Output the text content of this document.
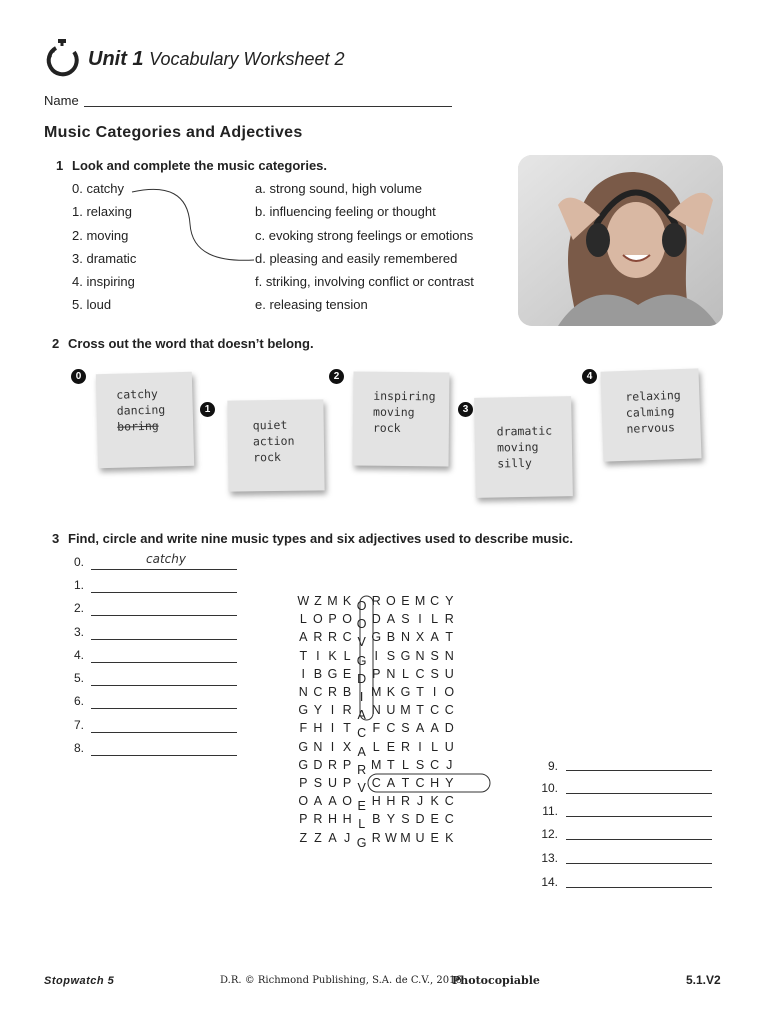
Unit 1 Vocabulary Worksheet 2
Name
Music Categories and Adjectives
1 Look and complete the music categories.
0. catchy
1. relaxing
2. moving
3. dramatic
4. inspiring
5. loud
a. strong sound, high volume
b. influencing feeling or thought
c. evoking strong feelings or emotions
d. pleasing and easily remembered
f. striking, involving conflict or contrast
e. releasing tension
2 Cross out the word that doesn’t belong.
0
catchy
dancing
boring
1
quiet
action
rock
2
inspiring
moving
rock
3
dramatic
moving
silly
4
relaxing
calming
nervous
3 Find, circle and write nine music types and six adjectives used to describe music.
0.	catchy
1.
2.
3.
4.
5.
6.
7.
8.
9.
10.
11.
12.
13.
14.
W Z M K O R O E M C Y
L O P O O D A S I L R
A R R C V G B N X A T
T I K L G I S G N S N
I B G E D P N L C S U
N C R B I M K G T I O
G Y I R A N U M T C C
F H I T C F C S A A D
G N I X A L E R I L U
G D R P R M T L S C J
P S U P V C A T C H Y
O A A O E H H R J K C
P R H H L B Y S D E C
Z Z A J G R W M U E K
Stopwatch 5	D.R. © Richmond Publishing, S.A. de C.V., 2016
Photocopiable	5.1.V2
